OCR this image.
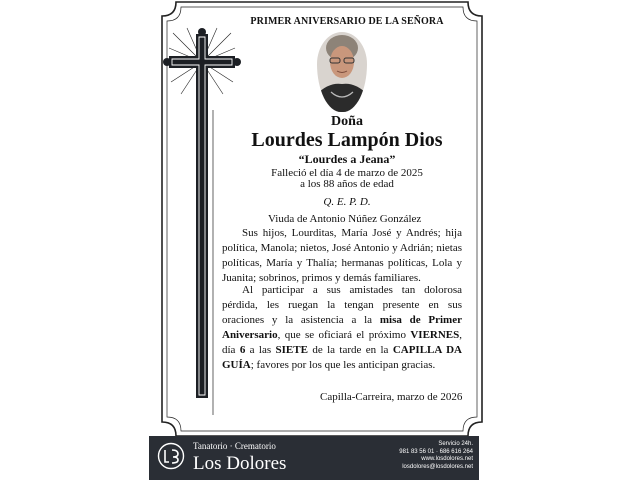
PRIMER ANIVERSARIO DE LA SEÑORA
Doña
Lourdes Lampón Dios
“Lourdes a Jeana”
Falleció el día 4 de marzo de 2025
a los 88 años de edad
Q. E. P. D.
Viuda de Antonio Núñez González
Sus hijos, Lourditas, María José y Andrés; hija política, Manola; nietos, José Antonio y Adrián; nietas políticas, María y Thalía; hermanas políticas, Lola y Juanita; sobrinos, primos y demás familiares.
Al participar a sus amistades tan dolorosa pérdida, les ruegan la tengan presente en sus oraciones y la asistencia a la misa de Primer Aniversario, que se oficiará el próximo VIERNES, día 6 a las SIETE de la tarde en la CAPILLA DA GUÍA; favores por los que les anticipan gracias.
Capilla-Carreira, marzo de 2026
Tanatorio · Crematorio
Los Dolores
Servicio 24h.
981 83 56 01 · 686 616 264
www.losdolores.net
losdolores@losdolores.net
